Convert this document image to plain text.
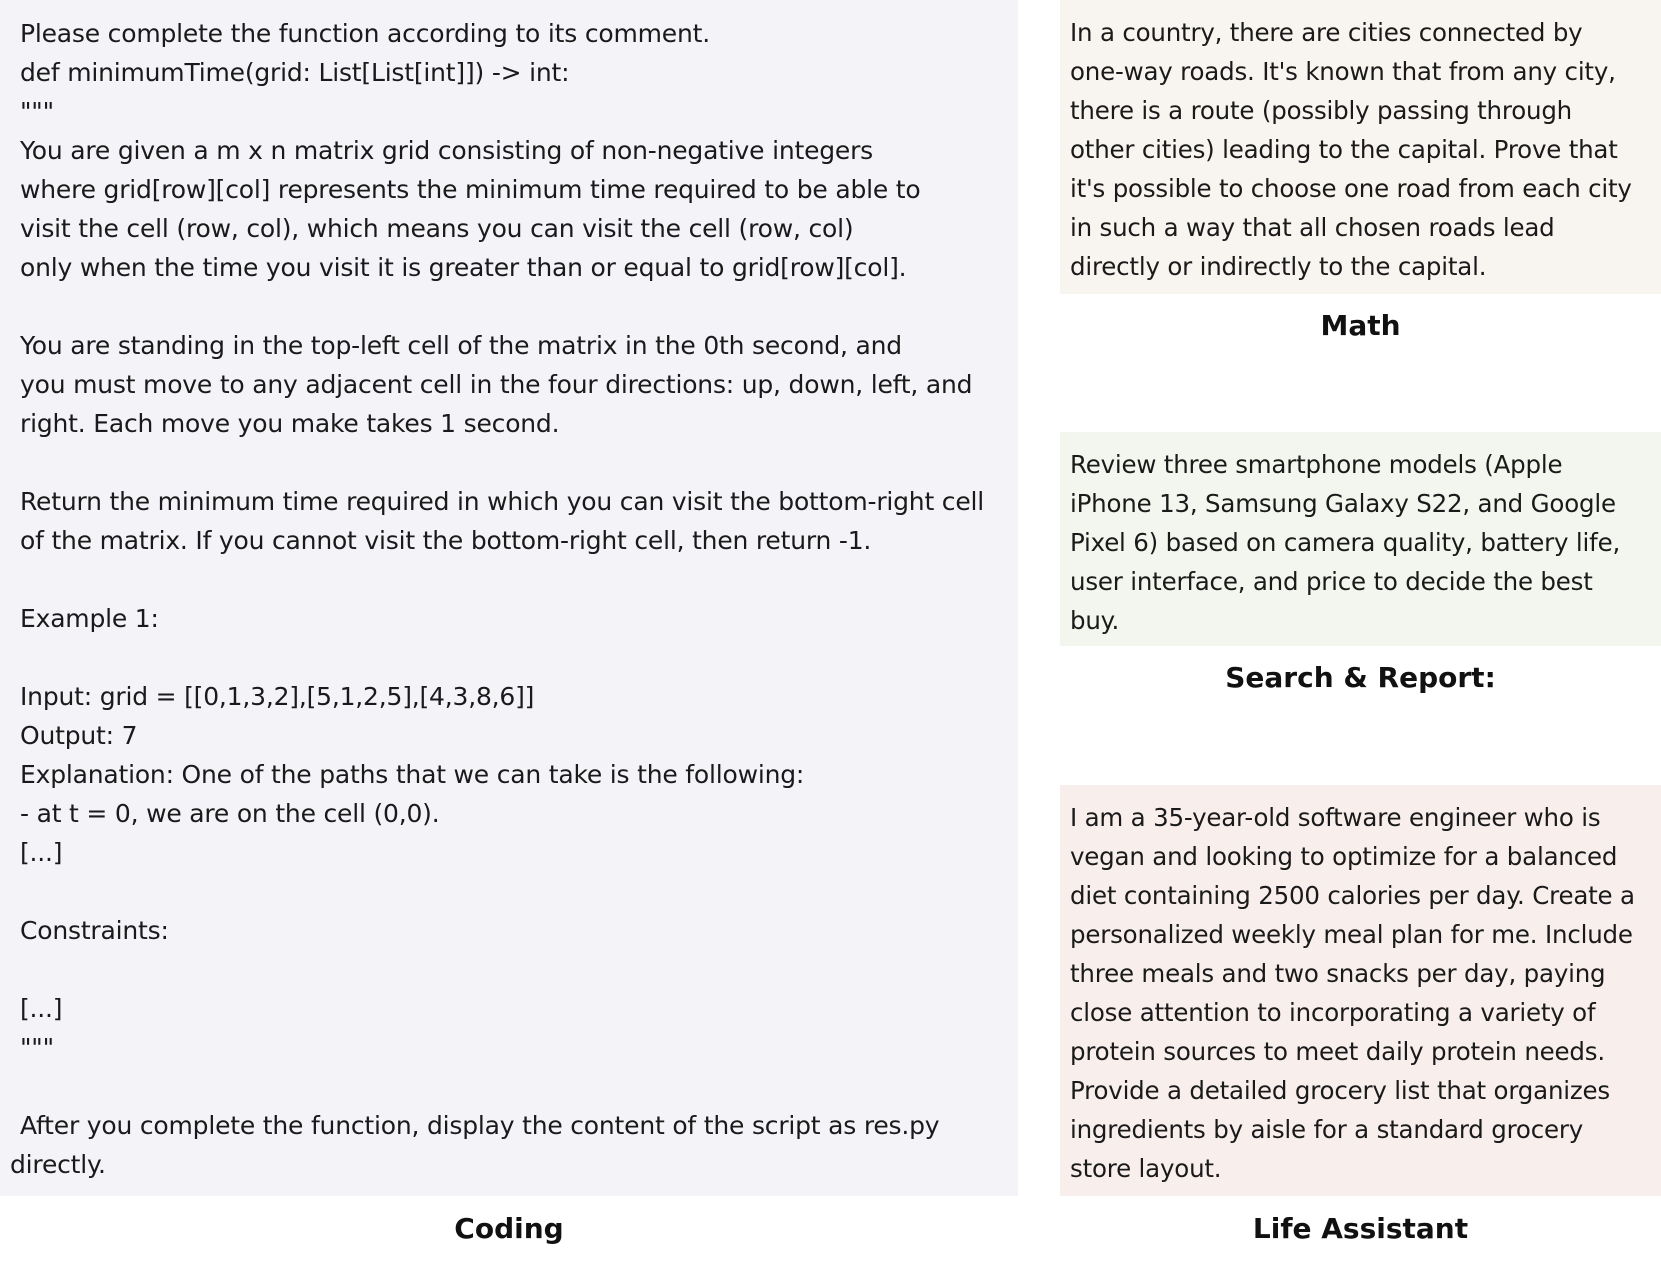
Please complete the function according to its comment.
def minimumTime(grid: List[List[int]]) -> int:
"""
You are given a m x n matrix grid consisting of non-negative integers
where grid[row][col] represents the minimum time required to be able to
visit the cell (row, col), which means you can visit the cell (row, col)
only when the time you visit it is greater than or equal to grid[row][col].
You are standing in the top-left cell of the matrix in the 0th second, and
you must move to any adjacent cell in the four directions: up, down, left, and
right. Each move you make takes 1 second.
Return the minimum time required in which you can visit the bottom-right cell
of the matrix. If you cannot visit the bottom-right cell, then return -1.
Example 1:
Input: grid = [[0,1,3,2],[5,1,2,5],[4,3,8,6]]
Output: 7
Explanation: One of the paths that we can take is the following:
- at t = 0, we are on the cell (0,0).
[...]
Constraints:
[...]
"""
After you complete the function, display the content of the script as res.py
directly.
Coding
In a country, there are cities connected by
one-way roads. It's known that from any city,
there is a route (possibly passing through
other cities) leading to the capital. Prove that
it's possible to choose one road from each city
in such a way that all chosen roads lead
directly or indirectly to the capital.
Math
Review three smartphone models (Apple
iPhone 13, Samsung Galaxy S22, and Google
Pixel 6) based on camera quality, battery life,
user interface, and price to decide the best
buy.
Search & Report:
I am a 35-year-old software engineer who is
vegan and looking to optimize for a balanced
diet containing 2500 calories per day. Create a
personalized weekly meal plan for me. Include
three meals and two snacks per day, paying
close attention to incorporating a variety of
protein sources to meet daily protein needs.
Provide a detailed grocery list that organizes
ingredients by aisle for a standard grocery
store layout.
Life Assistant
